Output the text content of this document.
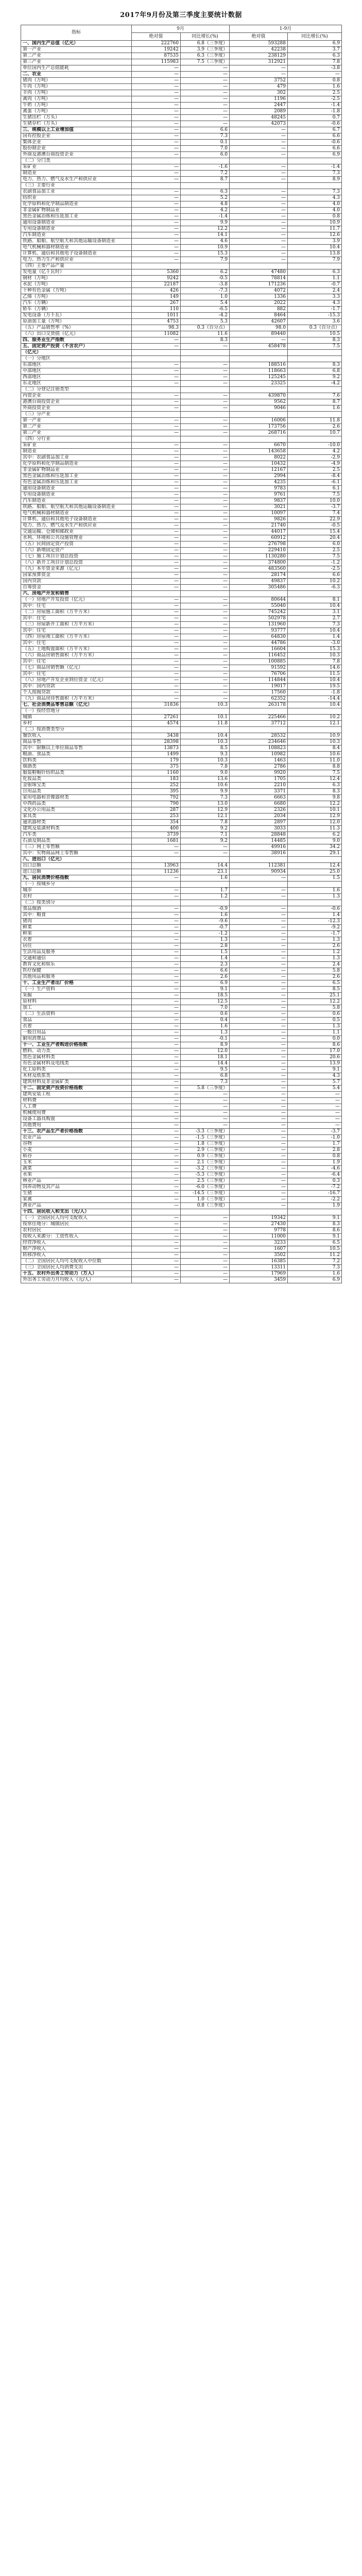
2017年9月份及第三季度主要统计数据
指标	9月		1-9月	
	绝对值	同比增长(%)	绝对值	同比增长(%)
一、国内生产总值（亿元）	222760	6.8（三季度）	593288	6.9
第一产业	19242	3.9（三季度）	42238	3.7
第二产业	87535	6.3（三季度）	238129	6.3
第三产业	115983	7.5（三季度）	312921	7.8
单位国内生产总值能耗	—	—	—	-3.8
二、农业	—	—	—	—
猪肉（万吨）	—	—	3752	0.8
牛肉（万吨）	—	—	479	1.6
羊肉（万吨）	—	—	302	2.5
禽肉（万吨）	—	—	1196	-2.5
牛奶（万吨）	—	—	2447	-1.4
禽蛋（万吨）	—	—	2089	-1.8
生猪出栏（万头）	—	—	48245	0.7
生猪存栏（万头）	—	—	42073	-0.6
三、规模以上工业增加值	—	6.6	—	6.7
国有控股企业	—	7.3	—	6.6
集体企业	—	0.1	—	-0.6
股份制企业	—	7.0	—	6.6
外商及港澳台商投资企业	—	6.0	—	6.9
（二）分门类				
采矿业	—	-1.6	—	-1.4
制造业	—	7.2	—	7.3
电力、热力、燃气及水生产和供应业	—	8.7	—	8.9
（三）主要行业				
农副食品加工业	—	6.3	—	7.3
纺织业	—	5.2	—	4.3
化学原料和化学制品制造业	—	4.8	—	4.0
非金属矿物制品业	—	4.2	—	4.0
黑色金属冶炼和压延加工业	—	-1.4	—	0.8
通用设备制造业	—	9.9	—	10.9
专用设备制造业	—	12.2	—	11.7
汽车制造业	—	14.1	—	12.6
铁路、船舶、航空航天和其他运输设备制造业	—	4.6	—	3.9
电气机械和器材制造业	—	10.9	—	10.4
计算机、通信和其他电子设备制造业	—	15.3	—	13.8
电力、热力生产和供应业	—	7.9	—	7.9
（四）主要产品产量				
发电量（亿千瓦时）	5360	6.2	47480	6.3
钢材（万吨）	9242	-0.5	78814	1.1
水泥（万吨）	22187	-3.8	171236	-0.7
十种有色金属（万吨）	426	-7.3	4072	2.4
乙烯（万吨）	149	1.0	1336	3.3
汽车（万辆）	267	5.4	2022	4.3
轿车（万辆）	110	-6.5	882	-1.7
发电设备（万千瓦）	1011	-4.2	8464	-15.3
原油加工量（万吨）	4753	5.3	42607	3.6
（五）产品销售率（%）	98.3	0.3（百分点）	98.0	0.3（百分点）
（六）出口交货值（亿元）	11082	11.6	89440	10.5
四、服务业生产指数	—	8.3	—	8.3
五、固定资产投资（不含农户）	—	—	458478	7.5
（亿元）				
（一）分地区				
东部地区	—	—	188516	8.3
中部地区	—	—	118663	6.8
西部地区	—	—	125245	9.2
东北地区	—	—	23325	-4.2
（二）分登记注册类型				
内资企业	—	—	439870	7.6
港澳台商投资企业	—	—	9562	8.7
外商投资企业	—	—	9046	1.6
（三）分产业				
第一产业	—	—	16006	11.8
第二产业	—	—	173756	2.6
第三产业	—	—	268716	10.7
（四）分行业				
采矿业	—	—	6670	-10.0
制造业	—	—	143658	4.2
其中：农副食品加工业	—	—	8022	-2.9
化学原料和化学制品制造业	—	—	10432	-4.9
非金属矿物制品业	—	—	12167	2.5
黑色金属冶炼和压延加工业	—	—	2994	-8.4
有色金属冶炼和压延加工业	—	—	4235	-6.1
通用设备制造业	—	—	9783	6.1
专用设备制造业	—	—	9761	7.5
汽车制造业	—	—	9837	10.0
铁路、船舶、航空航天和其他运输设备制造业	—	—	3021	-3.7
电气机械和器材制造业	—	—	10097	7.4
计算机、通信和其他电子设备制造业	—	—	9826	22.9
电力、热力、燃气及水生产和供应业	—	—	21740	-0.5
交通运输、仓储和邮政业	—	—	44017	15.4
水利、环境和公共设施管理业	—	—	60912	20.4
（五）民间固定资产投资	—	—	276798	6.0
（六）新增固定资产	—	—	229410	2.5
（七）施工项目计划总投资	—	—	1130280	7.5
（八）新开工项目计划总投资	—	—	374800	-1.2
（九）本年资金来源（亿元）	—	—	483560	-2.5
国家预算资金	—	—	28174	6.6
国内贷款	—	—	49837	10.2
自筹资金	—	—	305486	-6.3
六、房地产开发和销售				
（一）房地产开发投资（亿元）	—	—	80644	8.1
其中：住宅	—	—	55040	10.4
（二）房屋施工面积（万平方米）	—	—	745242	3.1
其中：住宅	—	—	502978	2.7
（三）房屋新开工面积（万平方米）	—	—	131960	7.3
其中：住宅	—	—	93777	10.4
（四）房屋竣工面积（万平方米）	—	—	64830	1.4
其中：住宅	—	—	44786	-3.0
（五）土地购置面积（万平方米）	—	—	16604	15.3
（六）商品房销售面积（万平方米）	—	—	116452	10.3
其中：住宅	—	—	100885	7.8
（七）商品房销售额（亿元）	—	—	91592	14.6
其中：住宅	—	—	76706	11.5
（八）房地产开发企业到位资金（亿元）	—	—	114844	10.4
其中：国内贷款	—	—	19017	19.5
个人按揭贷款	—	—	17560	-1.8
（九）商品房待售面积（万平方米）	—	—	62352	-14.4
七、社会消费品零售总额（亿元）	31836	10.3	263178	10.4
（一）按经营地分				
城镇	27261	10.1	225466	10.2
乡村	4574	11.8	37712	12.1
（二）按消费类型分				
餐饮收入	3438	10.4	28532	10.9
商品零售	28398	10.3	234646	10.3
其中：限额以上单位商品零售	13873	8.5	108823	8.4
粮油、食品类	1499	9.3	10982	10.6
饮料类	179	10.3	1463	11.0
烟酒类	375	7.8	2786	8.8
服装鞋帽针纺织品类	1160	9.0	9920	7.5
化妆品类	183	13.6	1705	12.4
金银珠宝类	252	10.6	2210	6.3
日用品类	395	9.9	3371	8.3
家用电器和音像器材类	792	7.3	6663	9.8
中西药品类	790	13.0	6680	12.2
文化办公用品类	287	12.9	2326	10.1
家具类	253	12.1	2034	12.9
通讯器材类	354	7.8	2897	12.0
建筑及装潢材料类	400	9.2	3033	11.3
汽车类	3739	7.1	28848	6.2
石油及制品类	1681	9.2	14485	9.0
（三）网上零售额	—	—	49916	34.2
其中：实物商品网上零售额	—	—	38916	29.1
八、进出口（亿元）				
出口总额	13963	14.4	112381	12.4
进口总额	11236	23.1	90934	25.0
九、居民消费价格指数	—	1.6	—	1.5
（一）按城乡分				
城市	—	1.7	—	1.6
农村	—	1.2	—	1.3
（二）按类别分				
食品烟酒	—	-0.9	—	-0.6
其中：粮食	—	1.6	—	1.4
猪肉	—	-9.6	—	-12.3
鲜菜	—	-0.7	—	-9.2
鲜果	—	-1.2	—	-1.7
衣着	—	1.3	—	1.3
居住	—	2.8	—	2.6
生活用品及服务	—	1.5	—	1.2
交通和通信	—	1.4	—	1.3
教育文化和娱乐	—	2.3	—	2.4
医疗保健	—	6.6	—	5.8
其他用品和服务	—	2.6	—	2.6
十、工业生产者出厂价格	—	6.9	—	6.5
（一）生产资料	—	9.1	—	8.5
采掘	—	18.5	—	25.1
原材料	—	12.5	—	12.2
加工	—	7.0	—	5.8
（二）生活资料	—	0.6	—	0.6
食品	—	0.4	—	0.5
衣着	—	1.6	—	1.3
一般日用品	—	1.3	—	1.1
耐用消费品	—	-0.1	—	0.0
十一、工业生产者购进价格指数	—	8.9	—	8.6
燃料、动力类	—	12.0	—	17.0
黑色金属材料类	—	18.1	—	20.6
有色金属材料及电线类	—	14.4	—	13.9
化工原料类	—	9.5	—	9.1
木材及纸浆类	—	6.8	—	4.3
建筑材料及非金属矿类	—	7.3	—	5.7
十二、固定资产投资价格指数	—	5.8（三季度）	—	5.4
建筑安装工程	—	—	—	—
材料费	—	—	—	—
人工费	—	—	—	—
机械使用费	—	—	—	—
设备工器具购置	—	—	—	—
其他费用	—	—	—	—
十三、农产品生产者价格指数	—	-3.3（三季度）	—	-3.7
农业产品	—	-1.5（三季度）	—	-1.0
谷物	—	1.8（三季度）	—	1.7
小麦	—	2.9（三季度）	—	2.8
稻谷	—	0.9（三季度）	—	0.8
玉米	—	2.1（三季度）	—	1.9
蔬菜	—	-3.2（三季度）	—	-4.6
水果	—	-5.3（三季度）	—	-6.4
林业产品	—	2.5（三季度）	—	0.3
饲养动物及其产品	—	-6.0（三季度）	—	-7.2
生猪	—	-14.5（三季度）	—	-16.7
家禽	—	1.0（三季度）	—	-2.2
渔业产品	—	0.8（三季度）	—	1.9
十四、居民收入和支出（元/人）				
（一）全国居民人均可支配收入	—	—	19342	9.1
按常住地分：城镇居民	—	—	27430	8.3
农村居民	—	—	9778	8.6
按收入来源分：工资性收入	—	—	11000	9.1
经营净收入	—	—	3233	6.5
财产净收入	—	—	1607	10.5
转移净收入	—	—	3502	11.2
（二）全国居民人均可支配收入中位数	—	—	16385	7.2
（三）全国居民人均消费支出	—	—	13311	7.3
十五、农村外出务工劳动力（万人）	—	—	17969	1.6
外出务工劳动力月均收入（元/人）	—	—	3459	6.9
